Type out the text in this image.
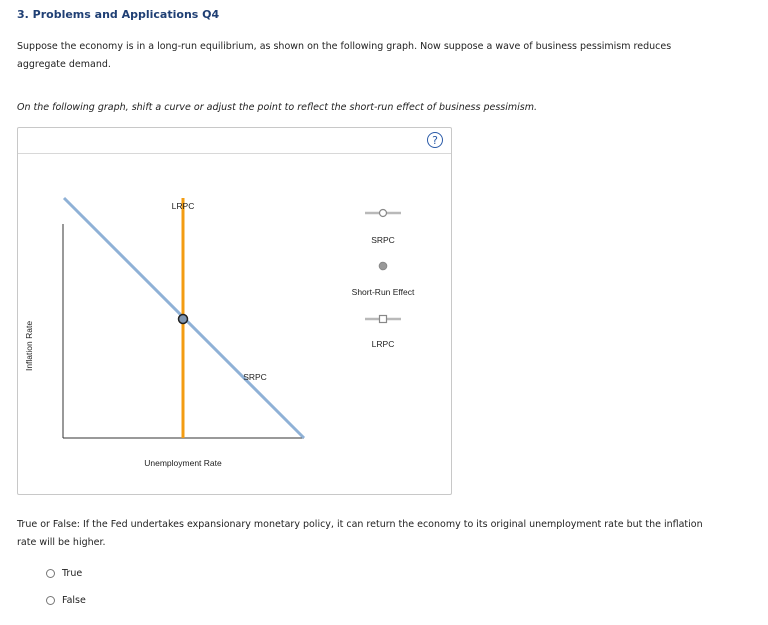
3. Problems and Applications Q4
Suppose the economy is in a long-run equilibrium, as shown on the following graph. Now suppose a wave of business pessimism reduces aggregate demand.
On the following graph, shift a curve or adjust the point to reflect the short-run effect of business pessimism.
?
Inflation Rate
Unemployment Rate
LRPC
SRPC
SRPC
Short-Run Effect
LRPC
True or False: If the Fed undertakes expansionary monetary policy, it can return the economy to its original unemployment rate but the inflation rate will be higher.
True
False
